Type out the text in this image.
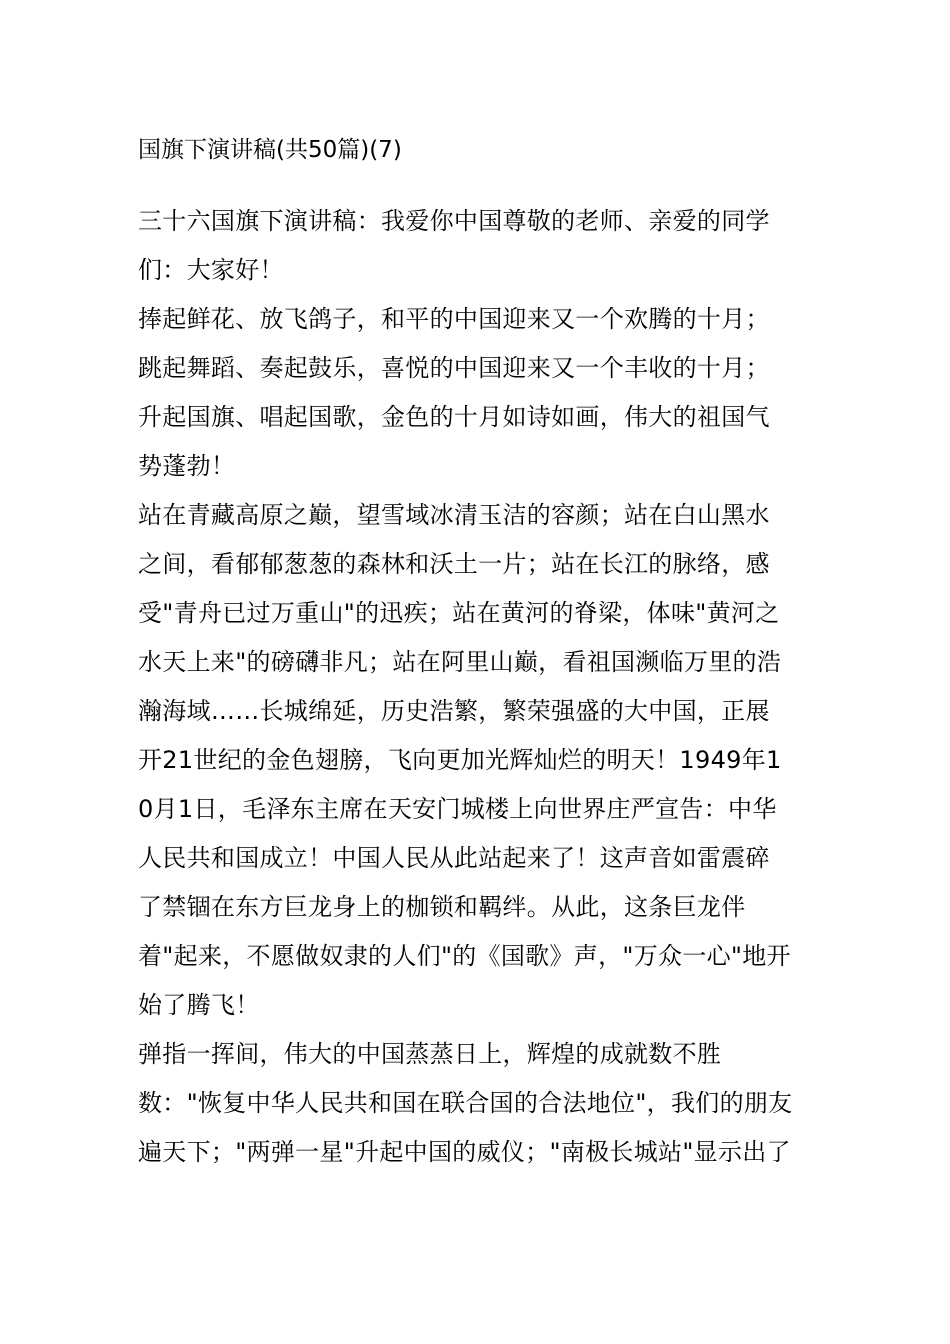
国旗下演讲稿(共50篇)(7)
三十六国旗下演讲稿：我爱你中国尊敬的老师、亲爱的同学
们：大家好！
捧起鲜花、放飞鸽子，和平的中国迎来又一个欢腾的十月；
跳起舞蹈、奏起鼓乐，喜悦的中国迎来又一个丰收的十月；
升起国旗、唱起国歌，金色的十月如诗如画，伟大的祖国气
势蓬勃！
站在青藏高原之巅，望雪域冰清玉洁的容颜；站在白山黑水
之间，看郁郁葱葱的森林和沃土一片；站在长江的脉络，感
受"青舟已过万重山"的迅疾；站在黄河的脊梁，体味"黄河之
水天上来"的磅礴非凡；站在阿里山巅，看祖国濒临万里的浩
瀚海域……长城绵延，历史浩繁，繁荣强盛的大中国，正展
开21世纪的金色翅膀，飞向更加光辉灿烂的明天！1949年1
0月1日，毛泽东主席在天安门城楼上向世界庄严宣告：中华
人民共和国成立！中国人民从此站起来了！这声音如雷震碎
了禁锢在东方巨龙身上的枷锁和羁绊。从此，这条巨龙伴
着"起来，不愿做奴隶的人们"的《国歌》声，"万众一心"地开
始了腾飞！
弹指一挥间，伟大的中国蒸蒸日上，辉煌的成就数不胜
数："恢复中华人民共和国在联合国的合法地位"，我们的朋友
遍天下；"两弹一星"升起中国的威仪；"南极长城站"显示出了
